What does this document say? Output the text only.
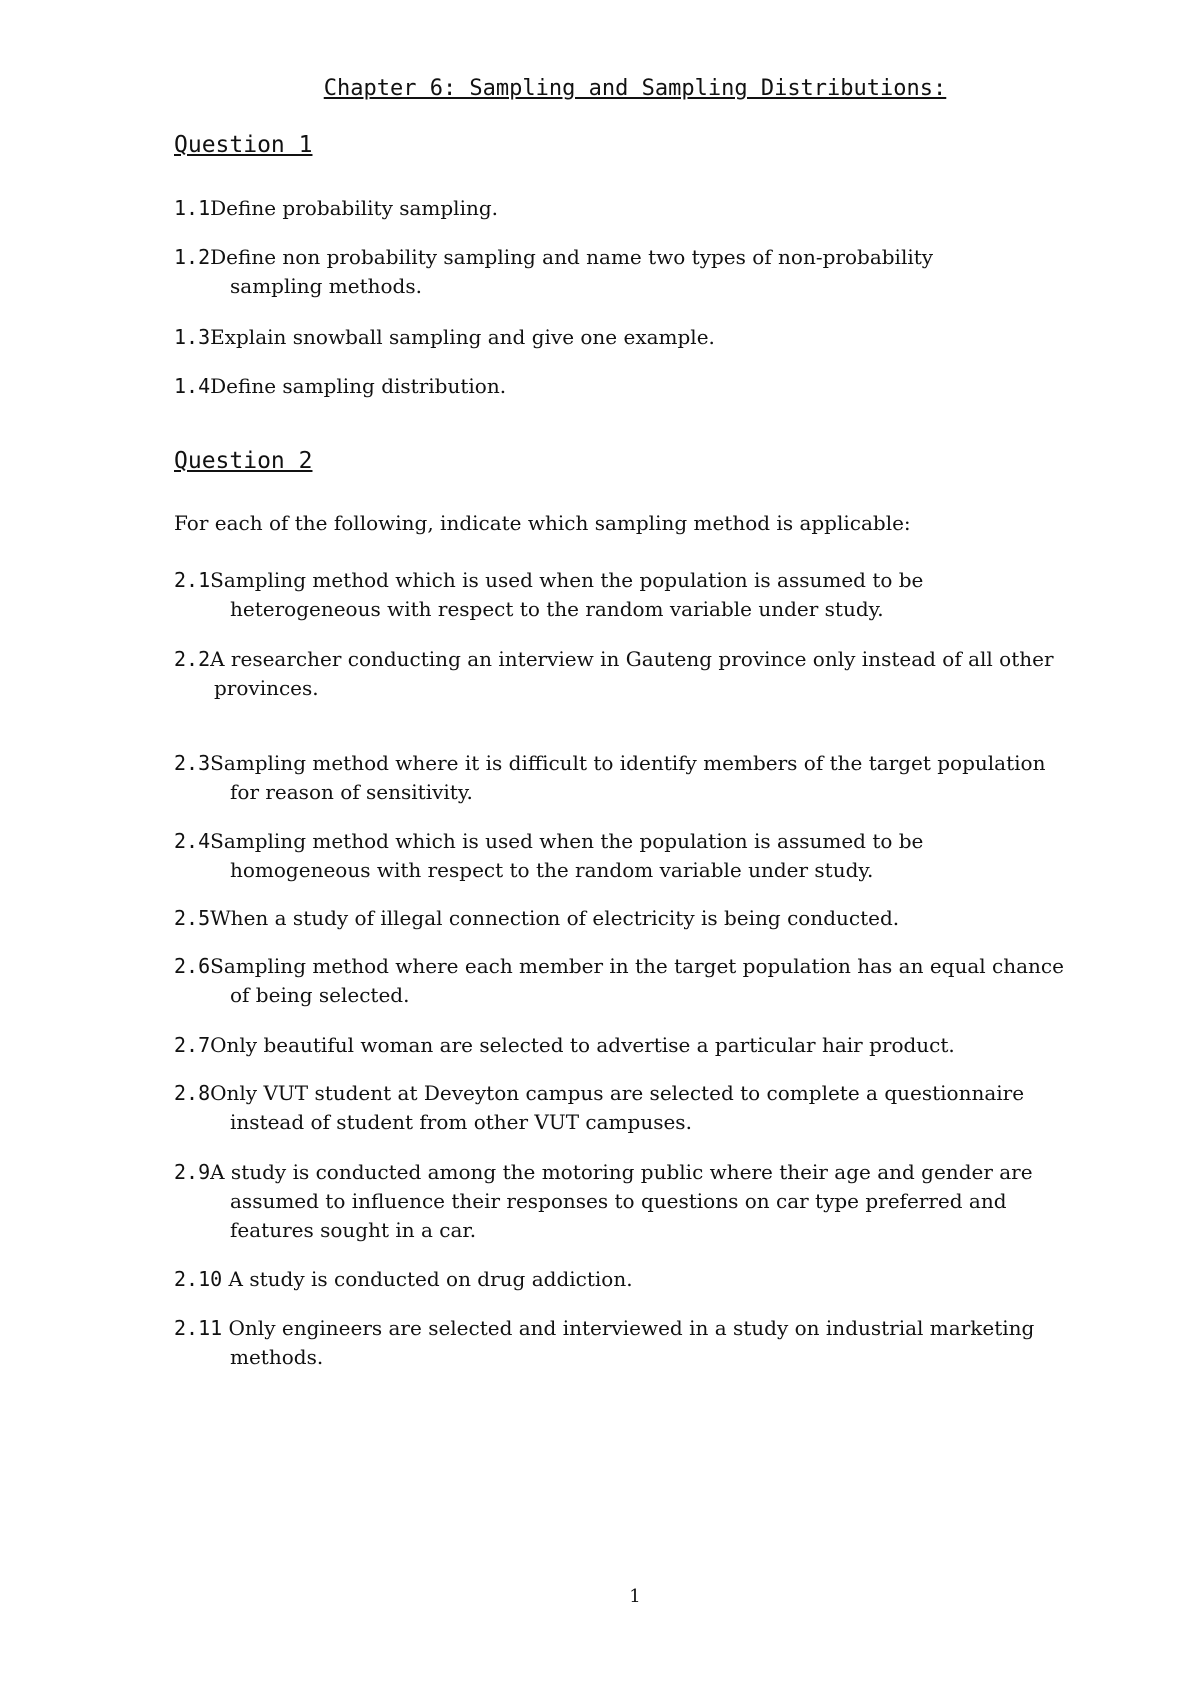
Chapter 6: Sampling and Sampling Distributions:
Question 1
1.1Define probability sampling.
1.2Define non probability sampling and name two types of non-probability
sampling methods.
1.3Explain snowball sampling and give one example.
1.4Define sampling distribution.
Question 2
For each of the following, indicate which sampling method is applicable:
2.1Sampling method which is used when the population is assumed to be
heterogeneous with respect to the random variable under study.
2.2A researcher conducting an interview in Gauteng province only instead of all other
provinces.
2.3Sampling method where it is difficult to identify members of the target population
for reason of sensitivity.
2.4Sampling method which is used when the population is assumed to be
homogeneous with respect to the random variable under study.
2.5When a study of illegal connection of electricity is being conducted.
2.6Sampling method where each member in the target population has an equal chance
of being selected.
2.7Only beautiful woman are selected to advertise a particular hair product.
2.8Only VUT student at Deveyton campus are selected to complete a questionnaire
instead of student from other VUT campuses.
2.9A study is conducted among the motoring public where their age and gender are
assumed to influence their responses to questions on car type preferred and
features sought in a car.
2.10 A study is conducted on drug addiction.
2.11 Only engineers are selected and interviewed in a study on industrial marketing
methods.
1
